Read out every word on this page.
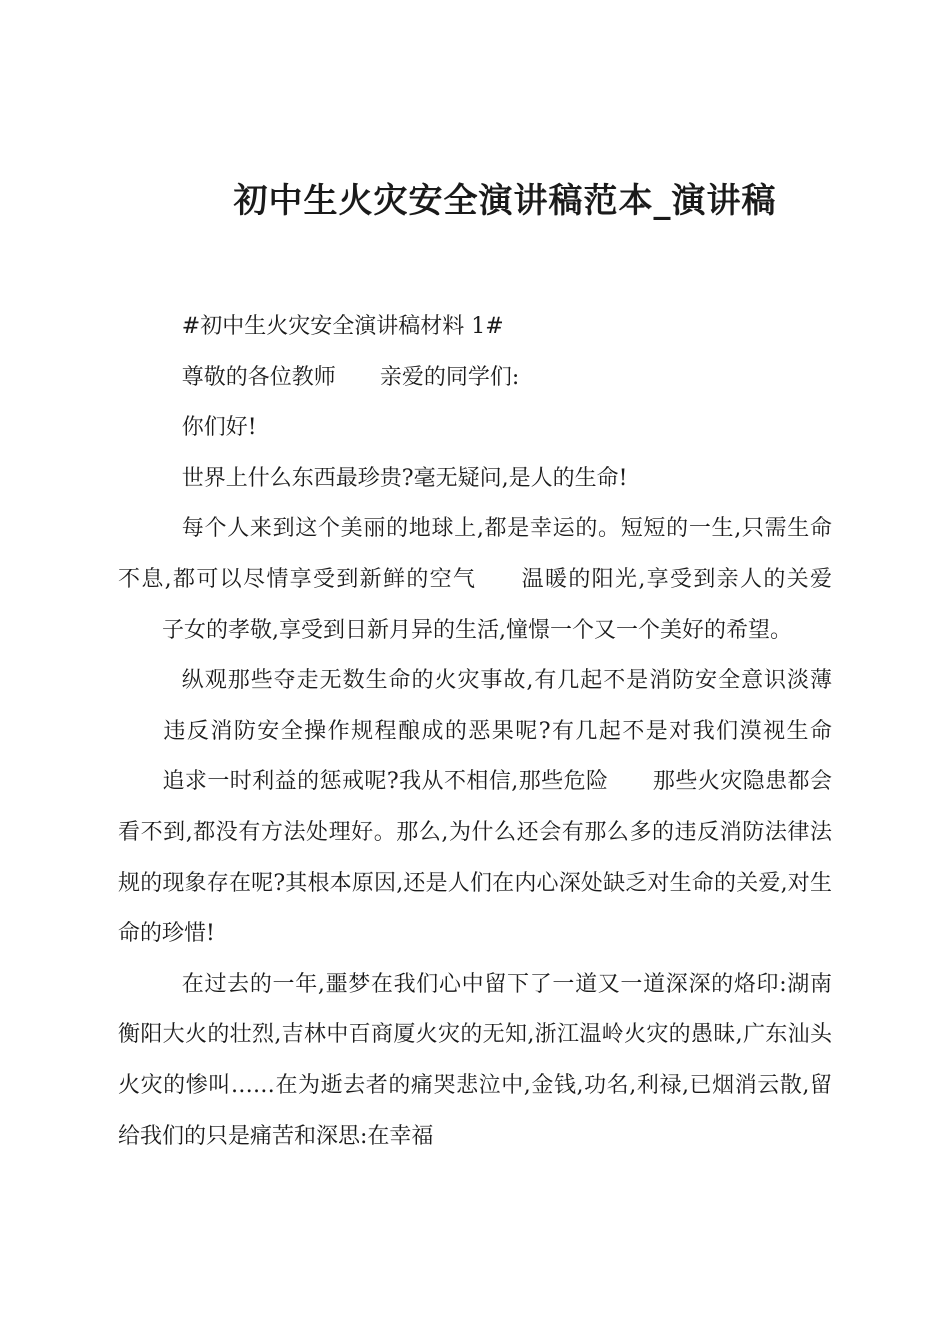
初中生火灾安全演讲稿范本_演讲稿

#初中生火灾安全演讲稿材料 1#

尊敬的各位教师 亲爱的同学们:

你们好!

世界上什么东西最珍贵?毫无疑问,是人的生命!

每个人来到这个美丽的地球上,都是幸运的。短短的一生,只需生命不息,都可以尽情享受到新鲜的空气 温暖的阳光,享受到亲人的关爱子女的孝敬,享受到日新月异的生活,憧憬一个又一个美好的希望。

纵观那些夺走无数生命的火灾事故,有几起不是消防安全意识淡薄违反消防安全操作规程酿成的恶果呢?有几起不是对我们漠视生命追求一时利益的惩戒呢?我从不相信,那些危险 那些火灾隐患都会看不到,都没有方法处理好。那么,为什么还会有那么多的违反消防法律法规的现象存在呢?其根本原因,还是人们在内心深处缺乏对生命的关爱,对生命的珍惜!

在过去的一年,噩梦在我们心中留下了一道又一道深深的烙印:湖南衡阳大火的壮烈,吉林中百商厦火灾的无知,浙江温岭火灾的愚昧,广东汕头火灾的惨叫……在为逝去者的痛哭悲泣中,金钱,功名,利禄,已烟消云散,留给我们的只是痛苦和深思:在幸福
